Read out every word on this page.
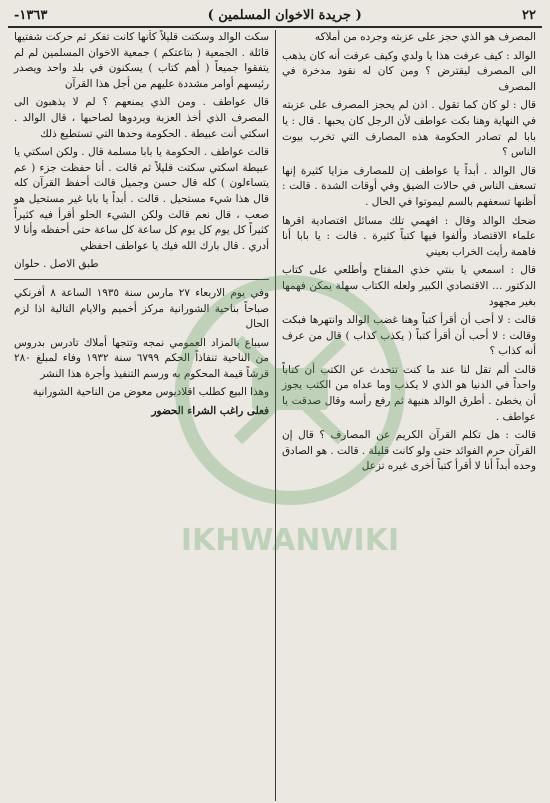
٢٢
( جريدة الاخوان المسلمين )
١٣٦٣-

المصرف هو الذي حجز على عزبته وجرده من أملاكه

الوالد : كيف عرفت هذا يا ولدي وكيف عرفت أنه كان يذهب الى المصرف ليقترض ؟ ومن كان له نقود مدخرة في المصرف

قال : لو كان كما تقول . اذن لم يحجز المصرف على عزبته في النهاية وهنا بكت عواطف لأن الرجل كان يحبها . قال : يا بابا لم تصادر الحكومة هذه المصارف التي تخرب بيوت الناس ؟

قال الوالد . أبداً يا عواطف إن للمصارف مزايا كثيرة إنها تسعف الناس في حالات الضيق وفي أوقات الشدة . قالت : أظنها تسعفهم بالسم ليموتوا في الحال .

ضحك الوالد وقال : افهمي تلك مسائل اقتصادية اقرها علماء الاقتصاد وألفوا فيها كتباً كثيرة . قالت : يا بابا أنا فاهمة رأيت الخراب بعيني

قال : اسمعي يا بنتي خذي المفتاح وأطلعي على كتاب الدكتور … الاقتصادي الكبير ولعله الكتاب سهلة يمكن فهمها بغير مجهود

قالت : لا أحب أن أقرأ كتباً وهنا غضب الوالد وانتهرها فبكت وقالت : لا أحب أن أقرأ كتباً ( يكذب كذاب ) قال من عرف أنه كذاب ؟

قالت ألم تقل لنا عند ما كنت تتحدث عن الكتب أن كتاباً واحداً في الدنيا هو الذي لا يكذب وما عداه من الكتب يجوز أن يخطئ . أطرق الوالد هنيهة ثم رفع رأسه وقال صدقت يا عواطف .

قالت : هل تكلم القرآن الكريم عن المصارف ؟ قال إن القرآن حرم الفوائد حتى ولو كانت قليلة . قالت . هو الصادق وحده أبداً أنا لا أقرأ كتباً أخرى غيره تزعل

سكت الوالد وسكتت قليلاً كأنها كانت تفكر ثم حركت شفتيها قائلة . الجمعية ( بتاعتكم ) جمعية الاخوان المسلمين لم لم يتفقوا جميعاً ( أهم كتاب ) يسكنون في بلد واحد ويصدر رئيسهم أوامر مشددة عليهم من أجل هذا القرآن

قال عواطف . ومن الذي يمنعهم ؟ لم لا يذهبون الى المصرف الذي أخذ العزبة ويردوها لصاحبها ، قال الوالد . اسكتي أنت عبيطة . الحكومة وحدها التي تستطيع ذلك

قالت عواطف . الحكومة يا بابا مسلمة قال . ولكن اسكتي يا عبيطة اسكتي سكتت قليلاً ثم قالت . أنا حفظت جزء ( عم يتساءلون ) كله قال حسن وجميل قالت أحفظ القرآن كله قال هذا شيء مستحيل . قالت . أبداً يا بابا غير مستحيل هو صعب ، قال نعم قالت ولكن الشيء الحلو أقرأ فيه كثيراً كثيراً كل يوم كل يوم كل ساعة كل ساعة حتى أحفظه وأنا لا أدري . قال بارك الله فيك يا عواطف احفظي

طبق الاصل . حلوان

وفي يوم الاربعاء ٢٧ مارس سنة ١٩٣٥ الساعة ٨ أفرنكي صباحاً بناحية الشورانية مركز أخميم والايام التالية اذا لزم الحال

سيباع بالمزاد العمومي نمجه وتتجها أملاك تادرس بدروس من الناحية تنفاذاً الحكم ٦٧٩٩ سنة ١٩٣٢ وفاء لمبلغ ٢٨٠ قرشاً قيمة المحكوم به ورسم التنفيذ وأجرة هذا النشر

وهذا البيع كطلب اقلاديوس معوض من الناحية الشورانية

فعلى راغب الشراء الحضور

IKHWANWIKI
